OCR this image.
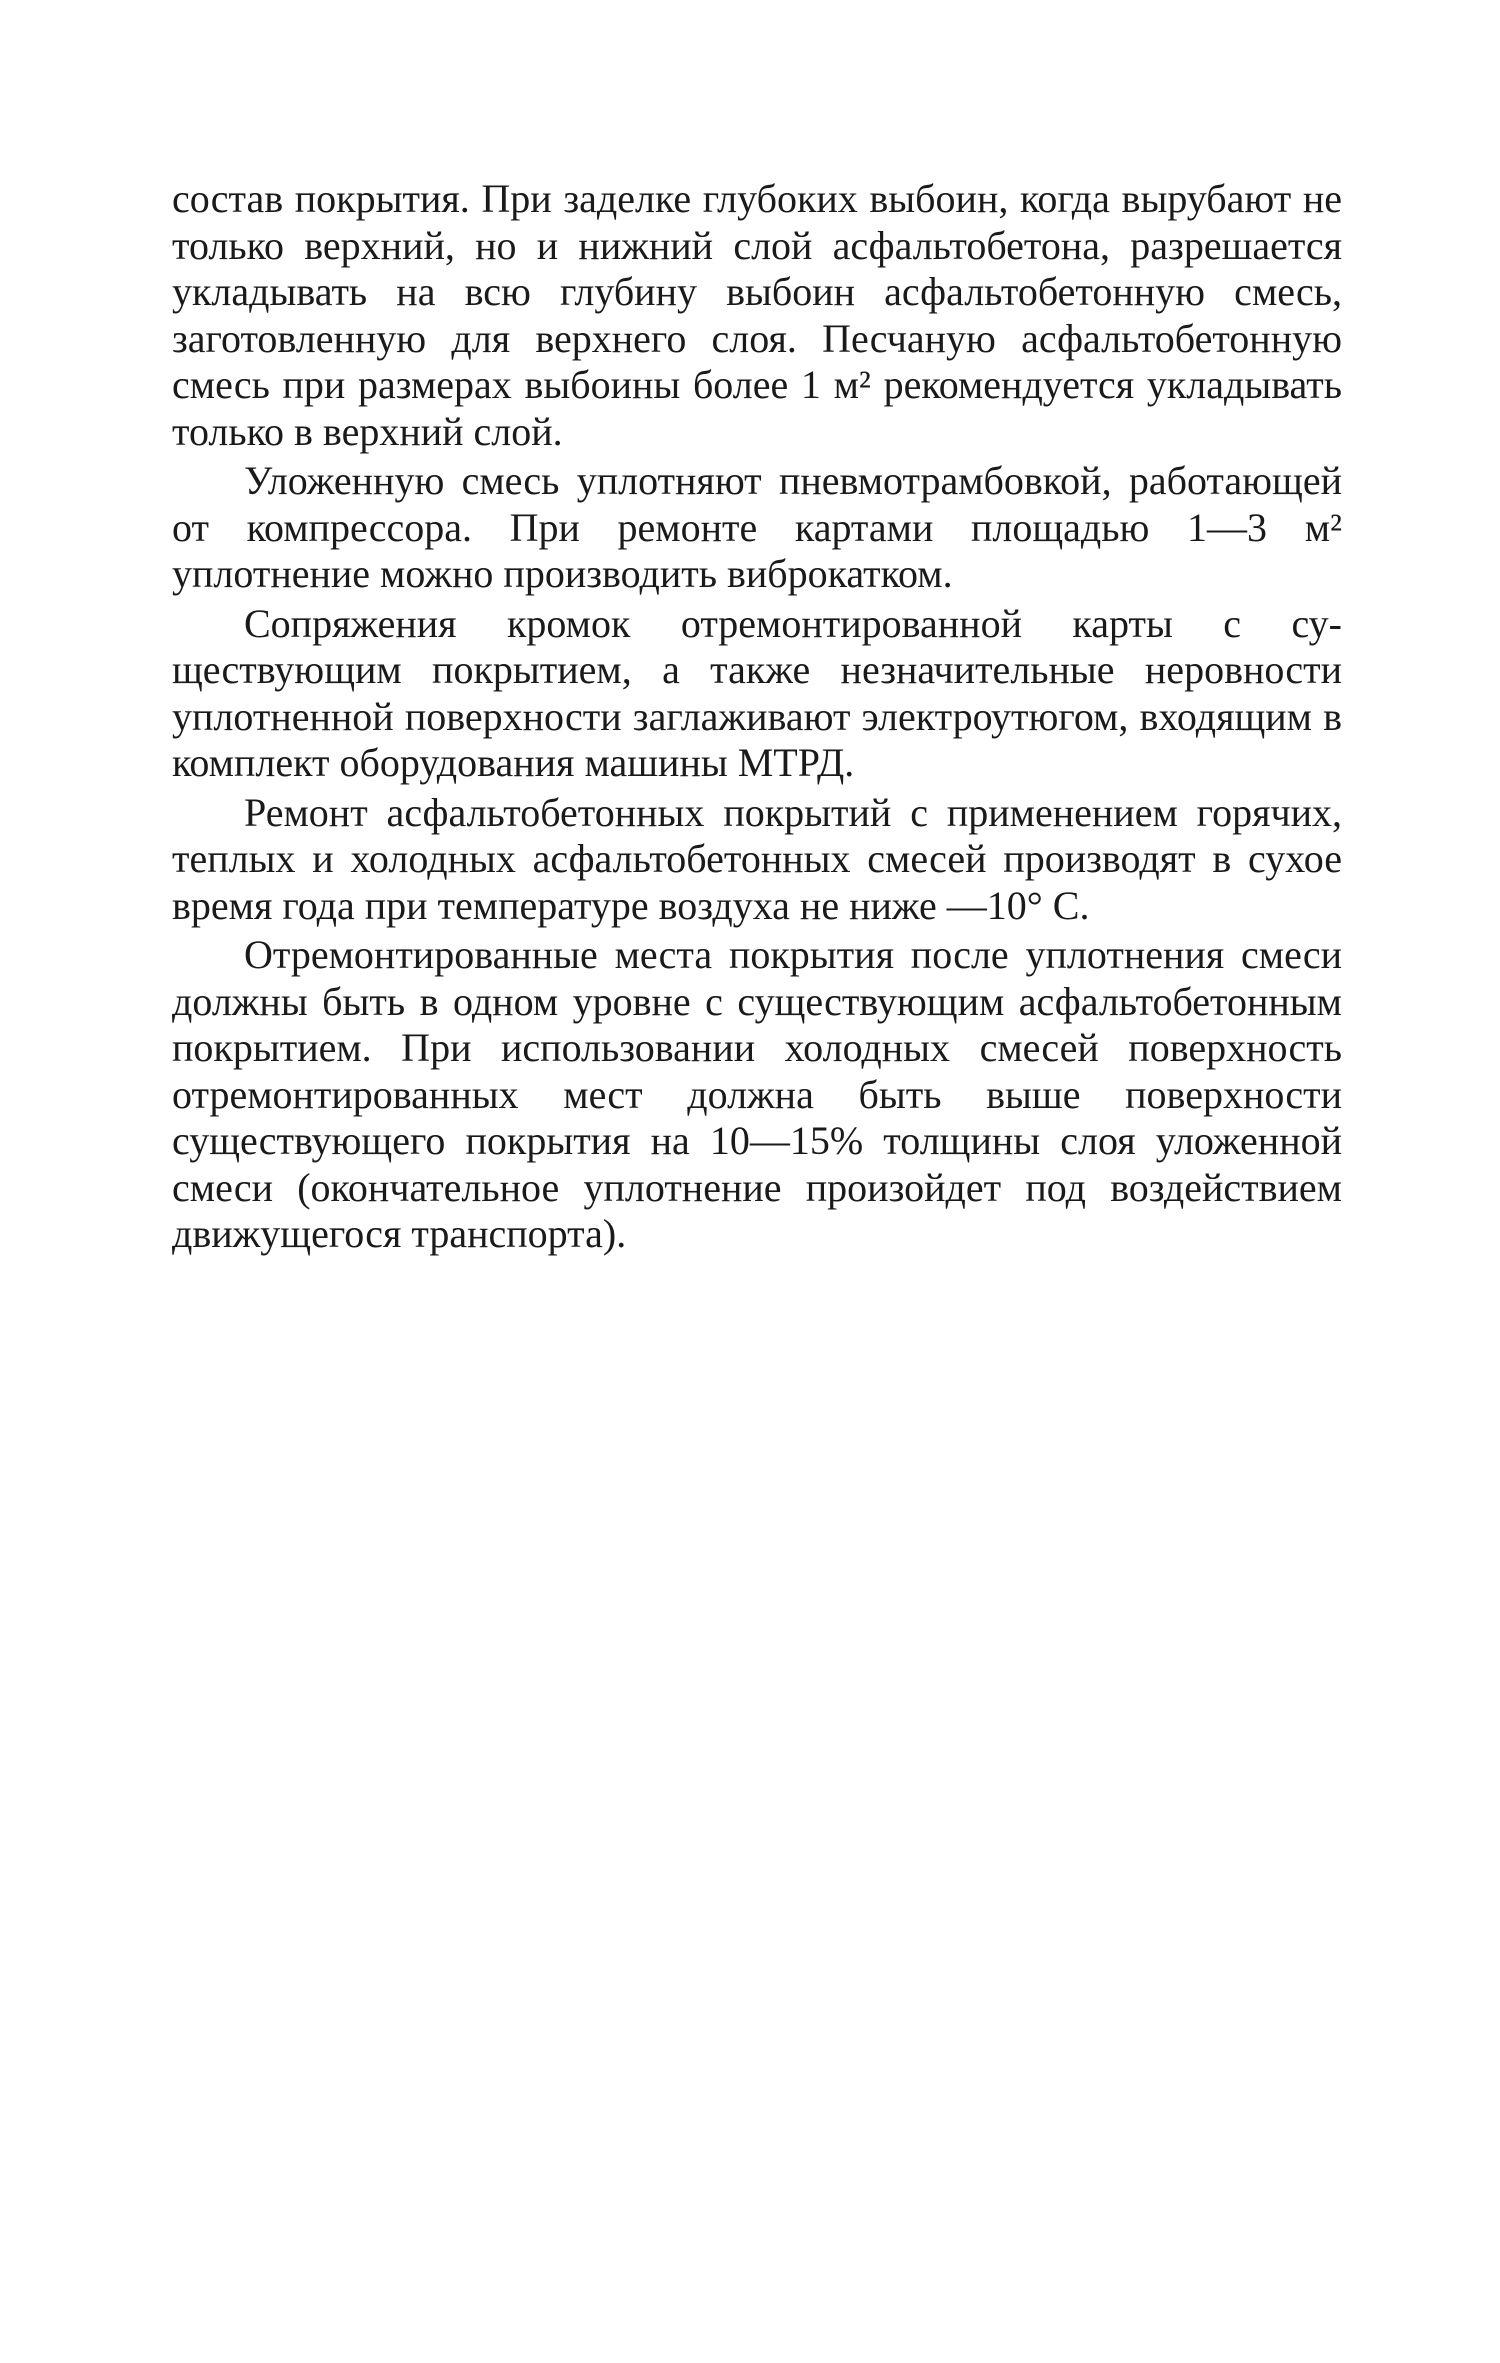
состав покрытия. При заделке глубоких выбоин, когда вырубают не только верхний, но и нижний слой асфальтобетона, разрешается укладывать на всю глубину выбоин асфальтобетонную смесь, заготовленную для верхнего слоя. Песчаную асфальтобетонную смесь при размерах выбоины более 1 м² рекомендуется укладывать только в верхний слой.

Уложенную смесь уплотняют пневмотрамбовкой, работающей от компрессора. При ремонте картами площадью 1—3 м² уплотнение можно производить виброкатком.

Сопряжения кромок отремонтированной карты с существующим покрытием, а также незначительные неровности уплотненной поверхности заглаживают электроутюгом, входящим в комплект оборудования машины МТРД.

Ремонт асфальтобетонных покрытий с применением горячих, теплых и холодных асфальтобетонных смесей производят в сухое время года при температуре воздуха не ниже —10° С.

Отремонтированные места покрытия после уплотнения смеси должны быть в одном уровне с существующим асфальтобетонным покрытием. При использовании холодных смесей поверхность отремонтированных мест должна быть выше поверхности существующего покрытия на 10—15% толщины слоя уложенной смеси (окончательное уплотнение произойдет под воздействием движущегося транспорта).
